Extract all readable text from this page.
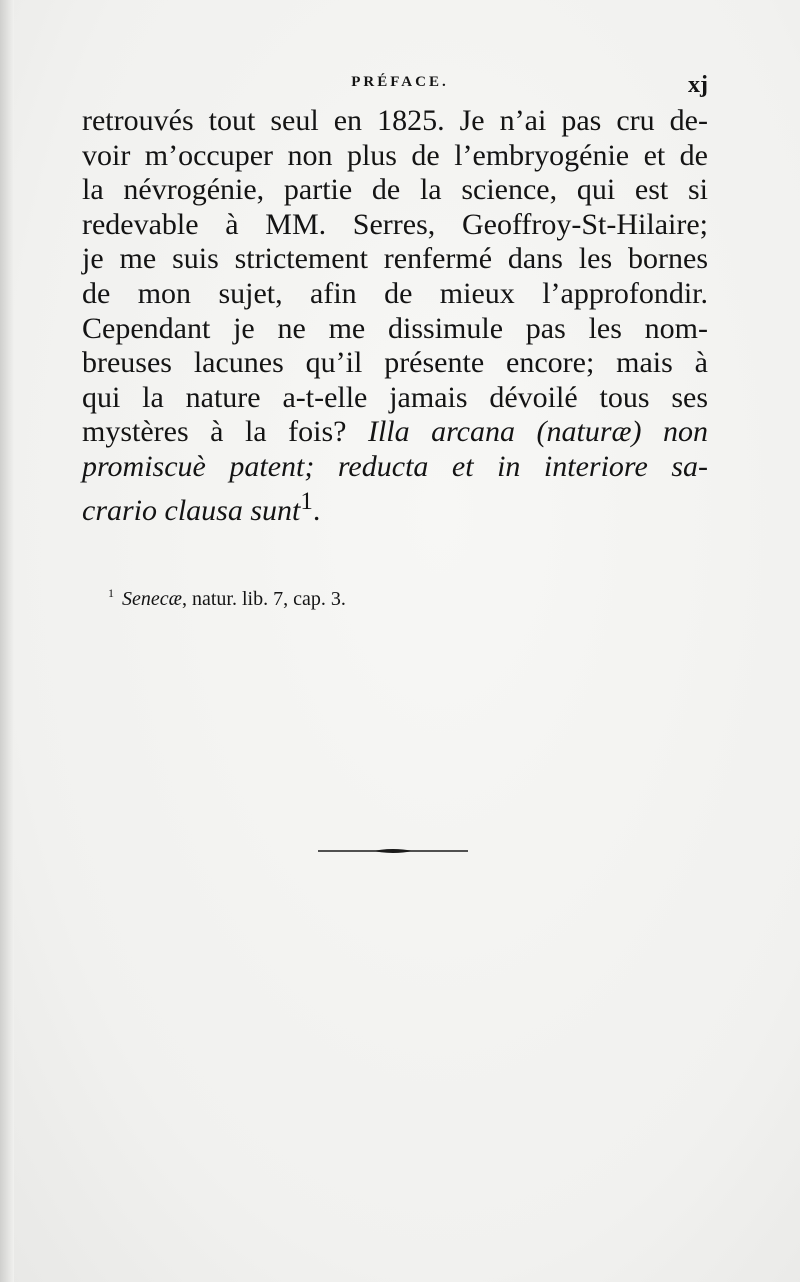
PRÉFACE.	xj
retrouvés tout seul en 1825. Je n’ai pas cru de-
voir m’occuper non plus de l’embryogénie et de
la névrogénie, partie de la science, qui est si
redevable à MM. Serres, Geoffroy-St-Hilaire;
je me suis strictement renfermé dans les bornes
de mon sujet, afin de mieux l’approfondir.
Cependant je ne me dissimule pas les nom-
breuses lacunes qu’il présente encore; mais à
qui la nature a-t-elle jamais dévoilé tous ses
mystères à la fois? Illa arcana (naturæ) non
promiscuè patent; reducta et in interiore sa-
crario clausa sunt$^1$.
$^1$ Senecæ, natur. lib. 7, cap. 3.
